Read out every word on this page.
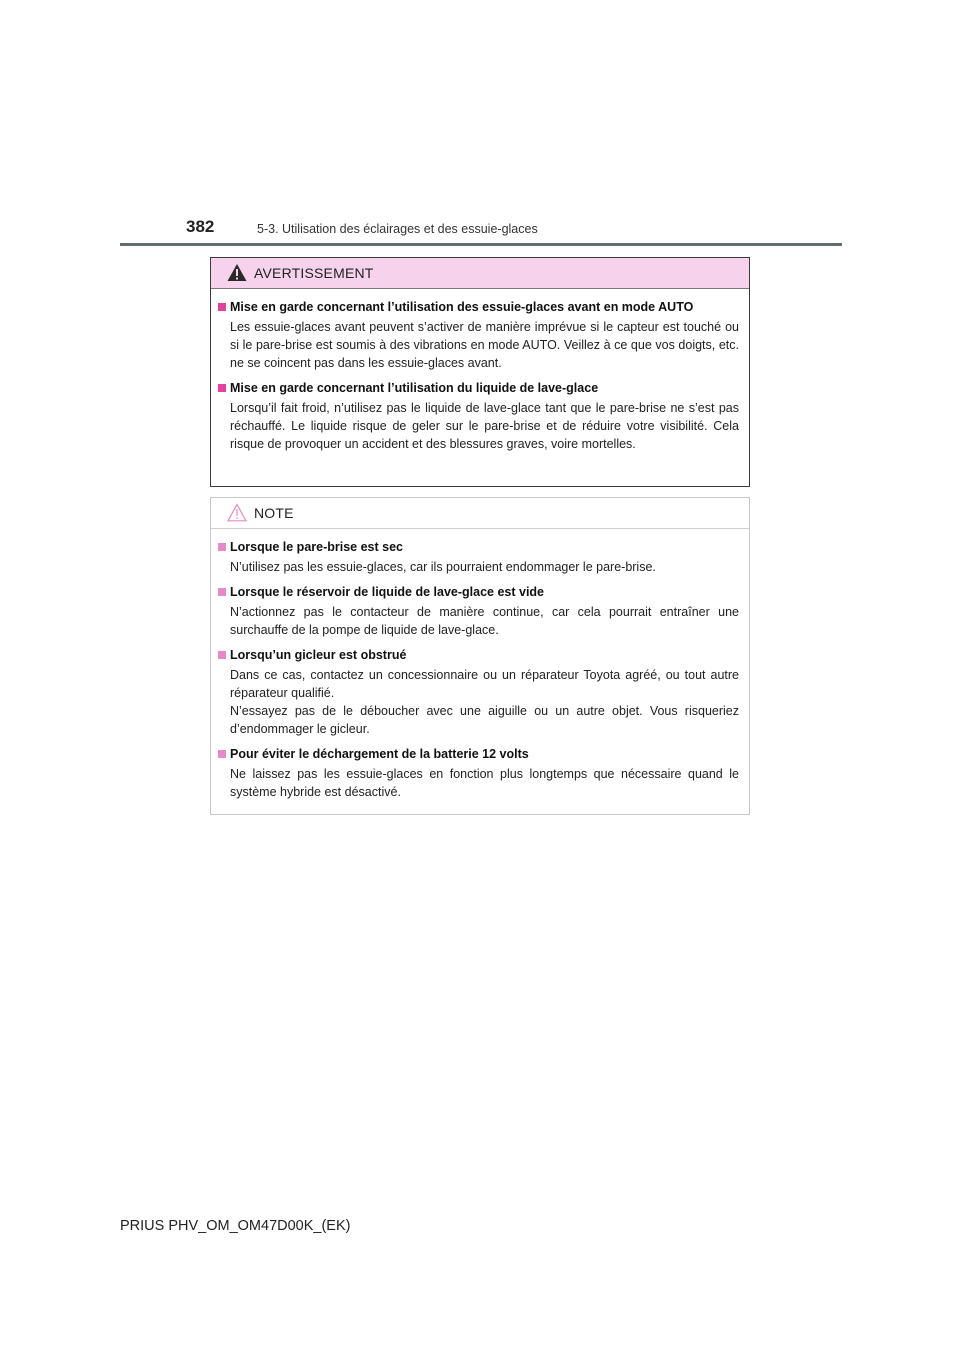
382	5-3. Utilisation des éclairages et des essuie-glaces
AVERTISSEMENT
Mise en garde concernant l’utilisation des essuie-glaces avant en mode AUTO
Les essuie-glaces avant peuvent s’activer de manière imprévue si le capteur est touché ou si le pare-brise est soumis à des vibrations en mode AUTO. Veillez à ce que vos doigts, etc. ne se coincent pas dans les essuie-glaces avant.
Mise en garde concernant l’utilisation du liquide de lave-glace
Lorsqu’il fait froid, n’utilisez pas le liquide de lave-glace tant que le pare-brise ne s’est pas réchauffé. Le liquide risque de geler sur le pare-brise et de réduire votre visibilité. Cela risque de provoquer un accident et des blessures graves, voire mortelles.
NOTE
Lorsque le pare-brise est sec
N’utilisez pas les essuie-glaces, car ils pourraient endommager le pare-brise.
Lorsque le réservoir de liquide de lave-glace est vide
N’actionnez pas le contacteur de manière continue, car cela pourrait entraîner une surchauffe de la pompe de liquide de lave-glace.
Lorsqu’un gicleur est obstrué

Dans ce cas, contactez un concessionnaire ou un réparateur Toyota agréé, ou tout autre réparateur qualifié.

N’essayez pas de le déboucher avec une aiguille ou un autre objet. Vous risqueriez d’endommager le gicleur.

Pour éviter le déchargement de la batterie 12 volts
Ne laissez pas les essuie-glaces en fonction plus longtemps que nécessaire quand le système hybride est désactivé.
PRIUS PHV_OM_OM47D00K_(EK)
